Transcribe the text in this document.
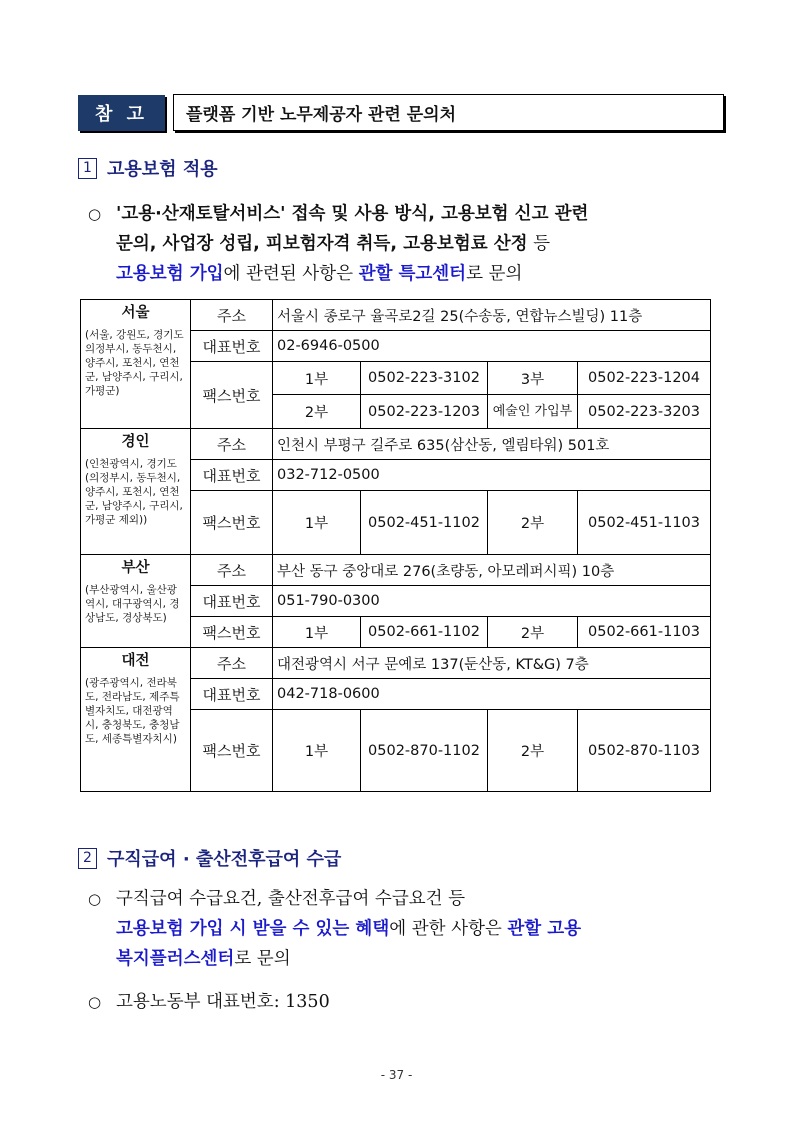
참 고	플랫폼 기반 노무제공자 관련 문의처
1 고용보험 적용
○ '고용·산재토탈서비스' 접속 및 사용 방식, 고용보험 신고 관련
문의, 사업장 성립, 피보험자격 취득, 고용보험료 산정 등
고용보험 가입에 관련된 사항은 관할 특고센터로 문의
서울
(서울, 강원도, 경기도 의정부시, 동두천시, 양주시, 포천시, 연천군, 남양주시, 구리시, 가평군)	주소	서울시 종로구 율곡로2길 25(수송동, 연합뉴스빌딩) 11층			
	대표번호	02-6946-0500			
	팩스번호	1부	0502-223-3102	3부	0502-223-1204
		2부	0502-223-1203	예술인 가입부	0502-223-3203

경인
(인천광역시, 경기도 (의정부시, 동두천시, 양주시, 포천시, 연천군, 남양주시, 구리시, 가평군 제외))	주소	인천시 부평구 길주로 635(삼산동, 엘림타워) 501호			
	대표번호	032-712-0500			
	팩스번호	1부	0502-451-1102	2부	0502-451-1103

부산
(부산광역시, 울산광역시, 대구광역시, 경상남도, 경상북도)	주소	부산 동구 중앙대로 276(초량동, 아모레퍼시픽) 10층			
	대표번호	051-790-0300			
	팩스번호	1부	0502-661-1102	2부	0502-661-1103

대전
(광주광역시, 전라북도, 전라남도, 제주특별자치도, 대전광역시, 충청북도, 충청남도, 세종특별자치시)	주소	대전광역시 서구 문예로 137(둔산동, KT&G) 7층			
	대표번호	042-718-0600			
	팩스번호	1부	0502-870-1102	2부	0502-870-1103
2 구직급여 · 출산전후급여 수급
○ 구직급여 수급요건, 출산전후급여 수급요건 등
고용보험 가입 시 받을 수 있는 혜택에 관한 사항은 관할 고용
복지플러스센터로 문의
○ 고용노동부 대표번호: 1350
- 37 -
